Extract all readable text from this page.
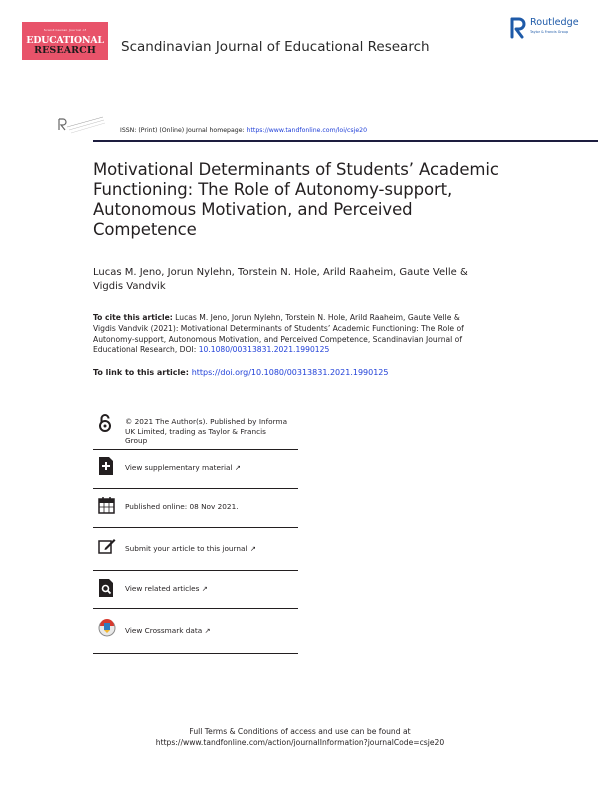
Scandinavian Journal of
EDUCATIONAL
RESEARCH	Scandinavian Journal of Educational Research
Routledge
Taylor & Francis Group
ISSN: (Print) (Online) Journal homepage: https://www.tandfonline.com/loi/csje20
Motivational Determinants of Students’ Academic
Functioning: The Role of Autonomy-support,
Autonomous Motivation, and Perceived
Competence
Lucas M. Jeno, Jorun Nylehn, Torstein N. Hole, Arild Raaheim, Gaute Velle &
Vigdis Vandvik
To cite this article: Lucas M. Jeno, Jorun Nylehn, Torstein N. Hole, Arild Raaheim, Gaute Velle &
Vigdis Vandvik (2021): Motivational Determinants of Students’ Academic Functioning: The Role of
Autonomy-support, Autonomous Motivation, and Perceived Competence, Scandinavian Journal of
Educational Research, DOI: 10.1080/00313831.2021.1990125
To link to this article: https://doi.org/10.1080/00313831.2021.1990125
© 2021 The Author(s). Published by Informa
UK Limited, trading as Taylor & Francis
Group
View supplementary material ↗
Published online: 08 Nov 2021.
Submit your article to this journal ↗
View related articles ↗
View Crossmark data ↗
Full Terms & Conditions of access and use can be found at
https://www.tandfonline.com/action/journalInformation?journalCode=csje20
